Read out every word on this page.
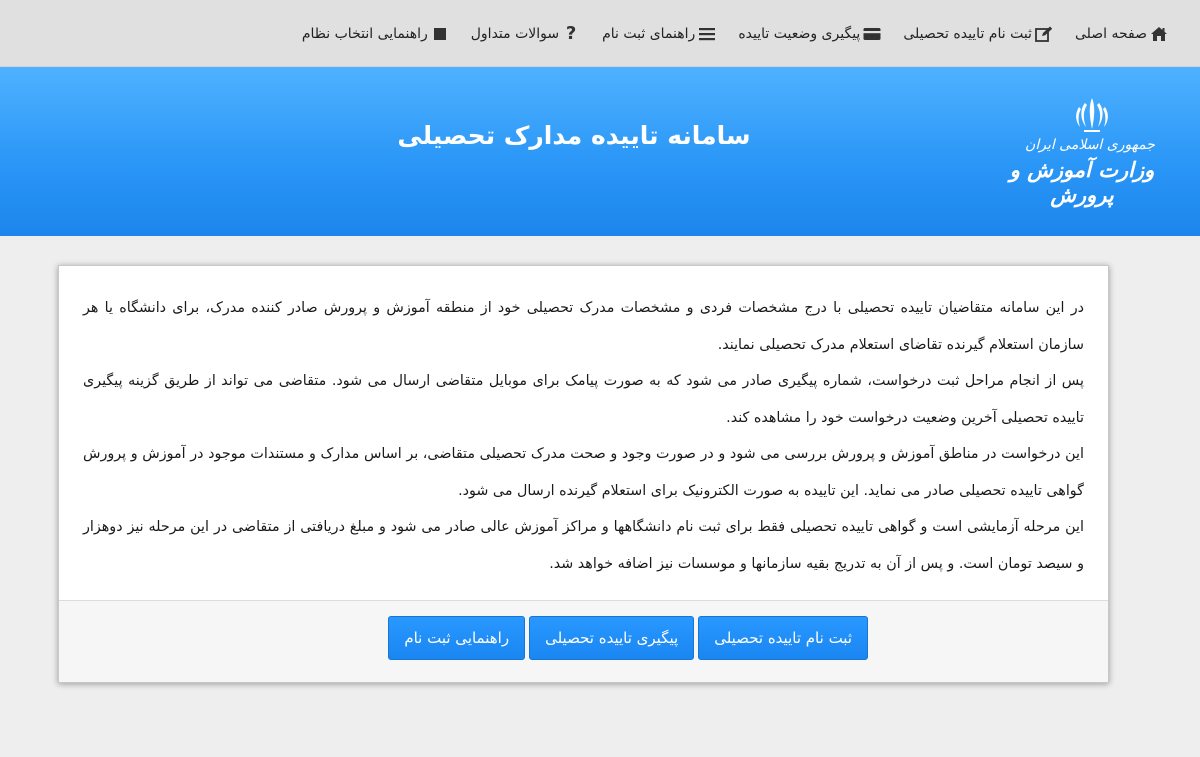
صفحه اصلی
ثبت نام تاییده تحصیلی
پیگیری وضعیت تاییده
راهنمای ثبت نام
?
سوالات متداول
راهنمایی انتخاب نظام
جمهوری اسلامی ایران
وزارت آموزش و پرورش
سامانه تاییده مدارک تحصیلی

در این سامانه متقاضیان تاییده تحصیلی با درج مشخصات فردی و مشخصات مدرک تحصیلی خود از منطقه آموزش و پرورش صادر کننده مدرک، برای دانشگاه یا هر سازمان استعلام گیرنده تقاضای استعلام مدرک تحصیلی نمایند.

پس از انجام مراحل ثبت درخواست، شماره پیگیری صادر می شود که به صورت پیامک برای موبایل متقاضی ارسال می شود. متقاضی می تواند از طریق گزینه پیگیری تاییده تحصیلی آخرین وضعیت درخواست خود را مشاهده کند.

این درخواست در مناطق آموزش و پرورش بررسی می شود و در صورت وجود و صحت مدرک تحصیلی متقاضی، بر اساس مدارک و مستندات موجود در آموزش و پرورش گواهی تاییده تحصیلی صادر می نماید. این تاییده به صورت الکترونیک برای استعلام گیرنده ارسال می شود.

این مرحله آزمایشی است و گواهی تاییده تحصیلی فقط برای ثبت نام دانشگاهها و مراکز آموزش عالی صادر می شود و مبلغ دریافتی از متقاضی در این مرحله نیز دوهزار و سیصد تومان است. و پس از آن به تدریج بقیه سازمانها و موسسات نیز اضافه خواهد شد.

ثبت نام تاییده تحصیلی
پیگیری تاییده تحصیلی
راهنمایی ثبت نام
